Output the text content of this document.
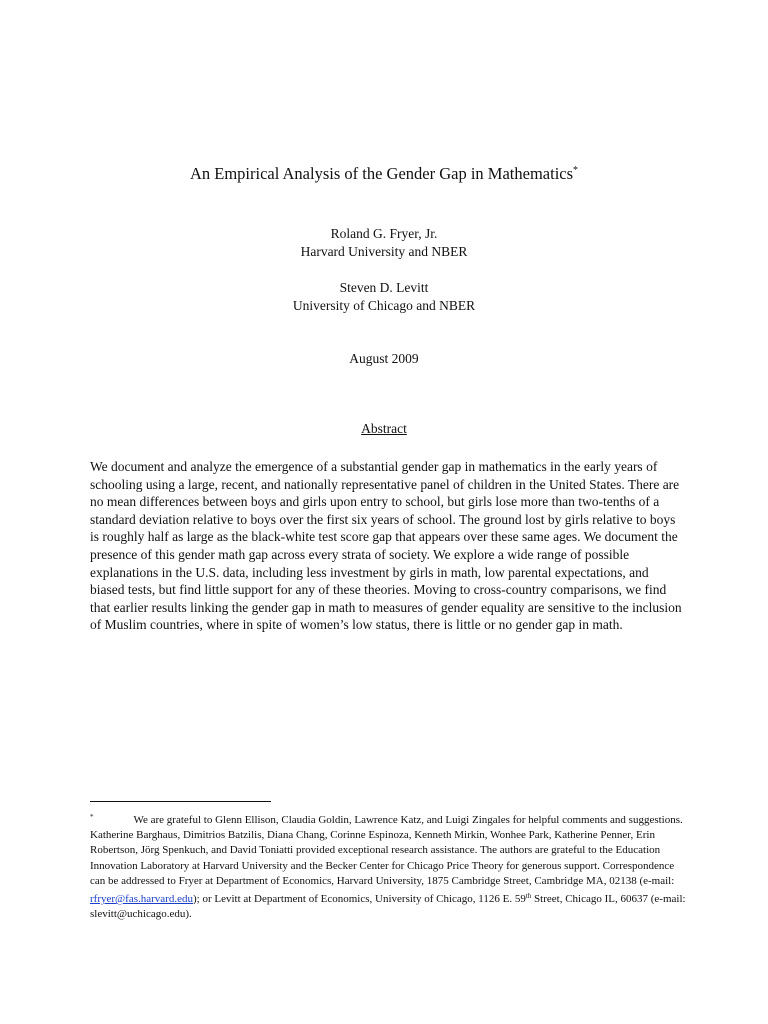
An Empirical Analysis of the Gender Gap in Mathematics*
Roland G. Fryer, Jr.
Harvard University and NBER
Steven D. Levitt
University of Chicago and NBER
August 2009
Abstract
We document and analyze the emergence of a substantial gender gap in mathematics in the early years of schooling using a large, recent, and nationally representative panel of children in the United States. There are no mean differences between boys and girls upon entry to school, but girls lose more than two-tenths of a standard deviation relative to boys over the first six years of school. The ground lost by girls relative to boys is roughly half as large as the black-white test score gap that appears over these same ages. We document the presence of this gender math gap across every strata of society. We explore a wide range of possible explanations in the U.S. data, including less investment by girls in math, low parental expectations, and biased tests, but find little support for any of these theories. Moving to cross-country comparisons, we find that earlier results linking the gender gap in math to measures of gender equality are sensitive to the inclusion of Muslim countries, where in spite of women’s low status, there is little or no gender gap in math.
*	We are grateful to Glenn Ellison, Claudia Goldin, Lawrence Katz, and Luigi Zingales for helpful comments and suggestions. Katherine Barghaus, Dimitrios Batzilis, Diana Chang, Corinne Espinoza, Kenneth Mirkin, Wonhee Park, Katherine Penner, Erin Robertson, Jörg Spenkuch, and David Toniatti provided exceptional research assistance. The authors are grateful to the Education Innovation Laboratory at Harvard University and the Becker Center for Chicago Price Theory for generous support. Correspondence can be addressed to Fryer at Department of Economics, Harvard University, 1875 Cambridge Street, Cambridge MA, 02138 (e-mail: rfryer@fas.harvard.edu); or Levitt at Department of Economics, University of Chicago, 1126 E. 59th Street, Chicago IL, 60637 (e-mail: slevitt@uchicago.edu).
